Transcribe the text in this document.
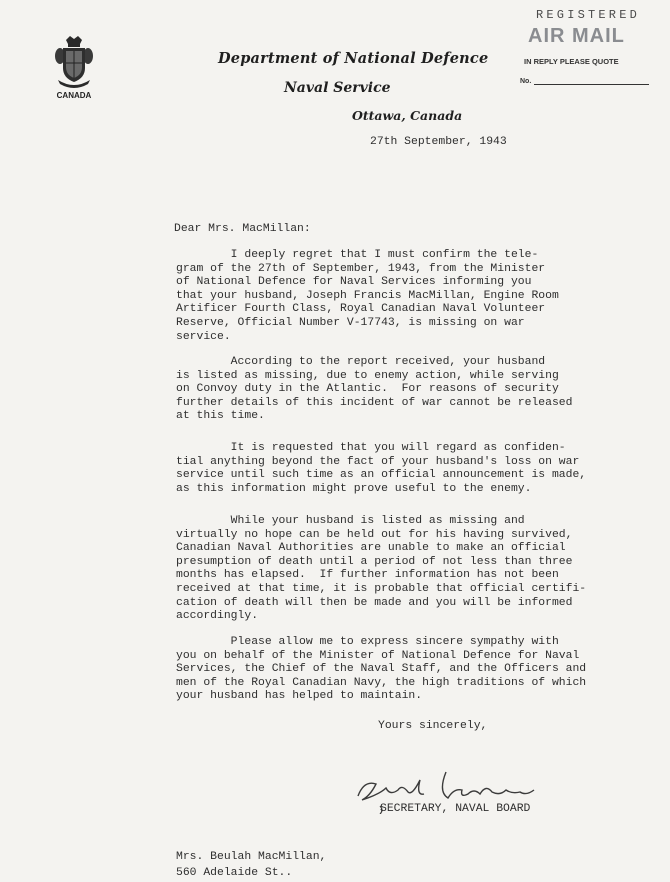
CANADA
Department of National Defence
Naval Service
Ottawa, Canada
REGISTERED
AIR MAIL
IN REPLY PLEASE QUOTE
No.
27th September, 1943
Dear Mrs. MacMillan:
I deeply regret that I must confirm the tele-
gram of the 27th of September, 1943, from the Minister
of National Defence for Naval Services informing you
that your husband, Joseph Francis MacMillan, Engine Room
Artificer Fourth Class, Royal Canadian Naval Volunteer
Reserve, Official Number V-17743, is missing on war
service.
According to the report received, your husband
is listed as missing, due to enemy action, while serving
on Convoy duty in the Atlantic.  For reasons of security
further details of this incident of war cannot be released
at this time.
It is requested that you will regard as confiden-
tial anything beyond the fact of your husband's loss on war
service until such time as an official announcement is made,
as this information might prove useful to the enemy.
While your husband is listed as missing and
virtually no hope can be held out for his having survived,
Canadian Naval Authorities are unable to make an official
presumption of death until a period of not less than three
months has elapsed.  If further information has not been
received at that time, it is probable that official certifi-
cation of death will then be made and you will be informed
accordingly.
Please allow me to express sincere sympathy with
you on behalf of the Minister of National Defence for Naval
Services, the Chief of the Naval Staff, and the Officers and
men of the Royal Canadian Navy, the high traditions of which
your husband has helped to maintain.
Yours sincerely,
SECRETARY, NAVAL BOARD
Mrs. Beulah MacMillan,
560 Adelaide St..
